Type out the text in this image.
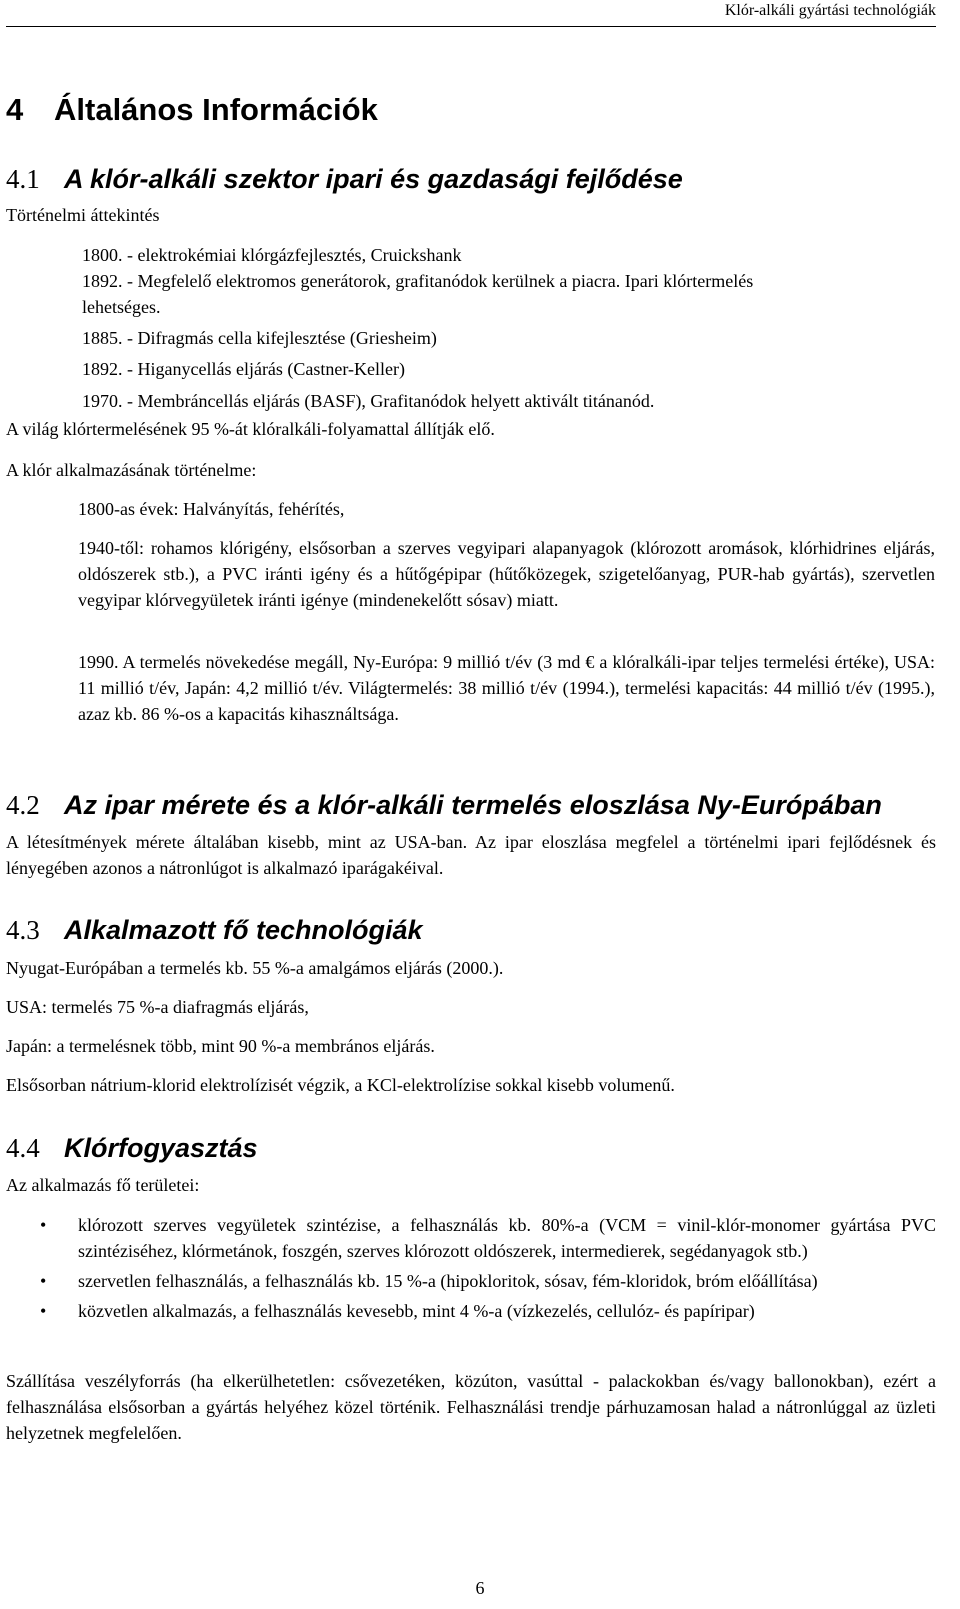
Klór-alkáli gyártási technológiák
4 Általános Információk
4.1 A klór-alkáli szektor ipari és gazdasági fejlődése
Történelmi áttekintés
1800. - elektrokémiai klórgázfejlesztés, Cruickshank
1892. - Megfelelő elektromos generátorok, grafitanódok kerülnek a piacra. Ipari klórtermelés
lehetséges.
1885. - Difragmás cella kifejlesztése (Griesheim)
1892. - Higanycellás eljárás (Castner-Keller)
1970. - Membráncellás eljárás (BASF), Grafitanódok helyett aktivált titánanód.
A világ klórtermelésének 95 %-át klóralkáli-folyamattal állítják elő.
A klór alkalmazásának történelme:
1800-as évek: Halványítás, fehérítés,
1940-től: rohamos klórigény, elsősorban a szerves vegyipari alapanyagok (klórozott aromások, klórhidrines eljárás, oldószerek stb.), a PVC iránti igény és a hűtőgépipar (hűtőközegek, szigetelőanyag, PUR-hab gyártás), szervetlen vegyipar klórvegyületek iránti igénye (mindenekelőtt sósav) miatt.
1990. A termelés növekedése megáll, Ny-Európa: 9 millió t/év (3 md € a klóralkáli-ipar teljes termelési értéke), USA: 11 millió t/év, Japán: 4,2 millió t/év. Világtermelés: 38 millió t/év (1994.), termelési kapacitás: 44 millió t/év (1995.), azaz kb. 86 %-os a kapacitás kihasználtsága.
4.2 Az ipar mérete és a klór-alkáli termelés eloszlása Ny-Európában
A létesítmények mérete általában kisebb, mint az USA-ban. Az ipar eloszlása megfelel a történelmi ipari fejlődésnek és lényegében azonos a nátronlúgot is alkalmazó iparágakéival.
4.3 Alkalmazott fő technológiák
Nyugat-Európában a termelés kb. 55 %-a amalgámos eljárás (2000.).
USA: termelés 75 %-a diafragmás eljárás,
Japán: a termelésnek több, mint 90 %-a membrános eljárás.
Elsősorban nátrium-klorid elektrolízisét végzik, a KCl-elektrolízise sokkal kisebb volumenű.
4.4 Klórfogyasztás
Az alkalmazás fő területei:
• klórozott szerves vegyületek szintézise, a felhasználás kb. 80%-a (VCM = vinil-klór-monomer gyártása PVC szintéziséhez, klórmetánok, foszgén, szerves klórozott oldószerek, intermedierek, segédanyagok stb.)
• szervetlen felhasználás, a felhasználás kb. 15 %-a (hipokloritok, sósav, fém-kloridok, bróm előállítása)
• közvetlen alkalmazás, a felhasználás kevesebb, mint 4 %-a (vízkezelés, cellulóz- és papíripar)
Szállítása veszélyforrás (ha elkerülhetetlen: csővezetéken, közúton, vasúttal - palackokban és/vagy ballonokban), ezért a felhasználása elsősorban a gyártás helyéhez közel történik. Felhasználási trendje párhuzamosan halad a nátronlúggal az üzleti helyzetnek megfelelően.
6
